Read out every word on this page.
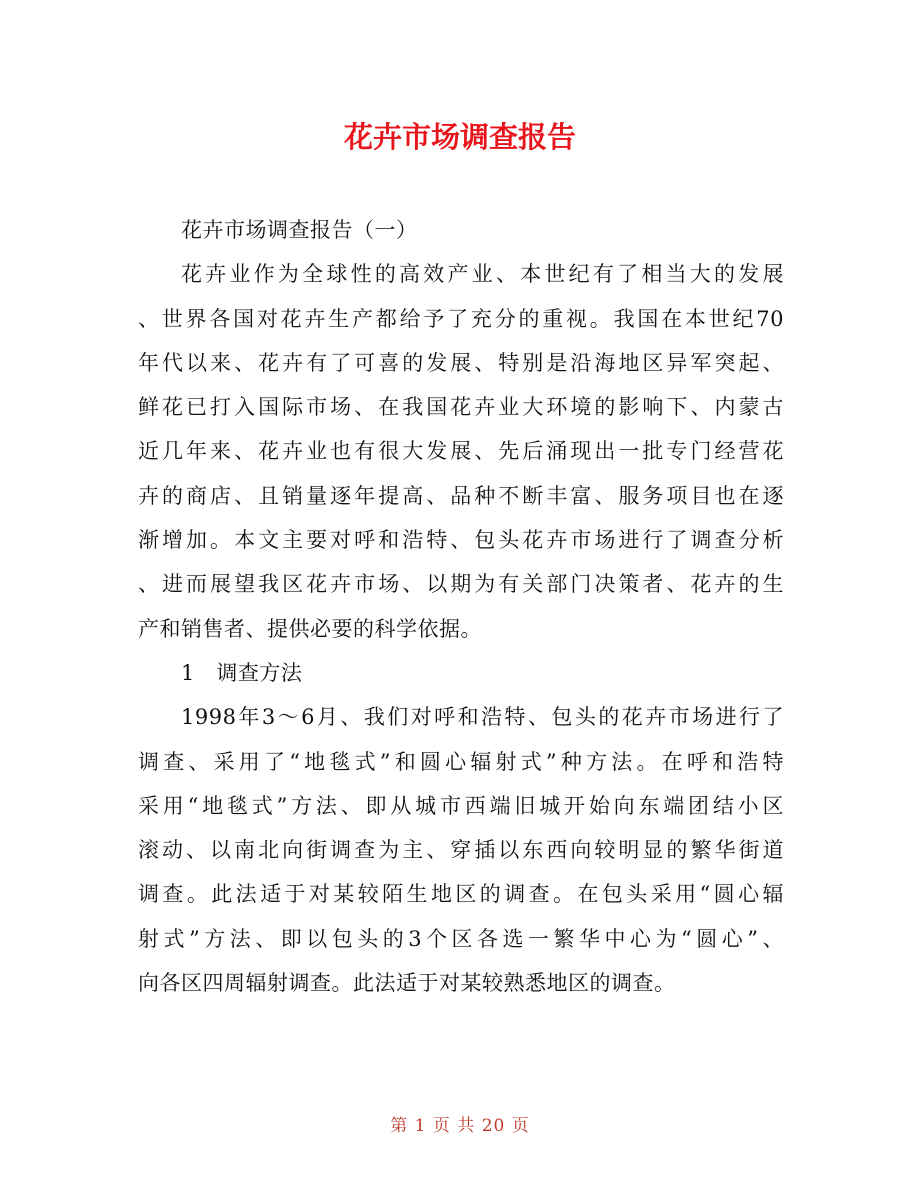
花卉市场调查报告
花卉市场调查报告（一）
花卉业作为全球性的高效产业、本世纪有了相当大的发展
、世界各国对花卉生产都给予了充分的重视。我国在本世纪70
年代以来、花卉有了可喜的发展、特别是沿海地区异军突起、
鲜花已打入国际市场、在我国花卉业大环境的影响下、内蒙古
近几年来、花卉业也有很大发展、先后涌现出一批专门经营花
卉的商店、且销量逐年提高、品种不断丰富、服务项目也在逐
渐增加。本文主要对呼和浩特、包头花卉市场进行了调查分析
、进而展望我区花卉市场、以期为有关部门决策者、花卉的生
产和销售者、提供必要的科学依据。
1　调查方法
1998年3～6月、我们对呼和浩特、包头的花卉市场进行了
调查、采用了“地毯式”和圆心辐射式”种方法。在呼和浩特
采用“地毯式”方法、即从城市西端旧城开始向东端团结小区
滚动、以南北向街调查为主、穿插以东西向较明显的繁华街道
调查。此法适于对某较陌生地区的调查。在包头采用“圆心辐
射式”方法、即以包头的3个区各选一繁华中心为“圆心”、
向各区四周辐射调查。此法适于对某较熟悉地区的调查。
第 1 页 共 20 页
